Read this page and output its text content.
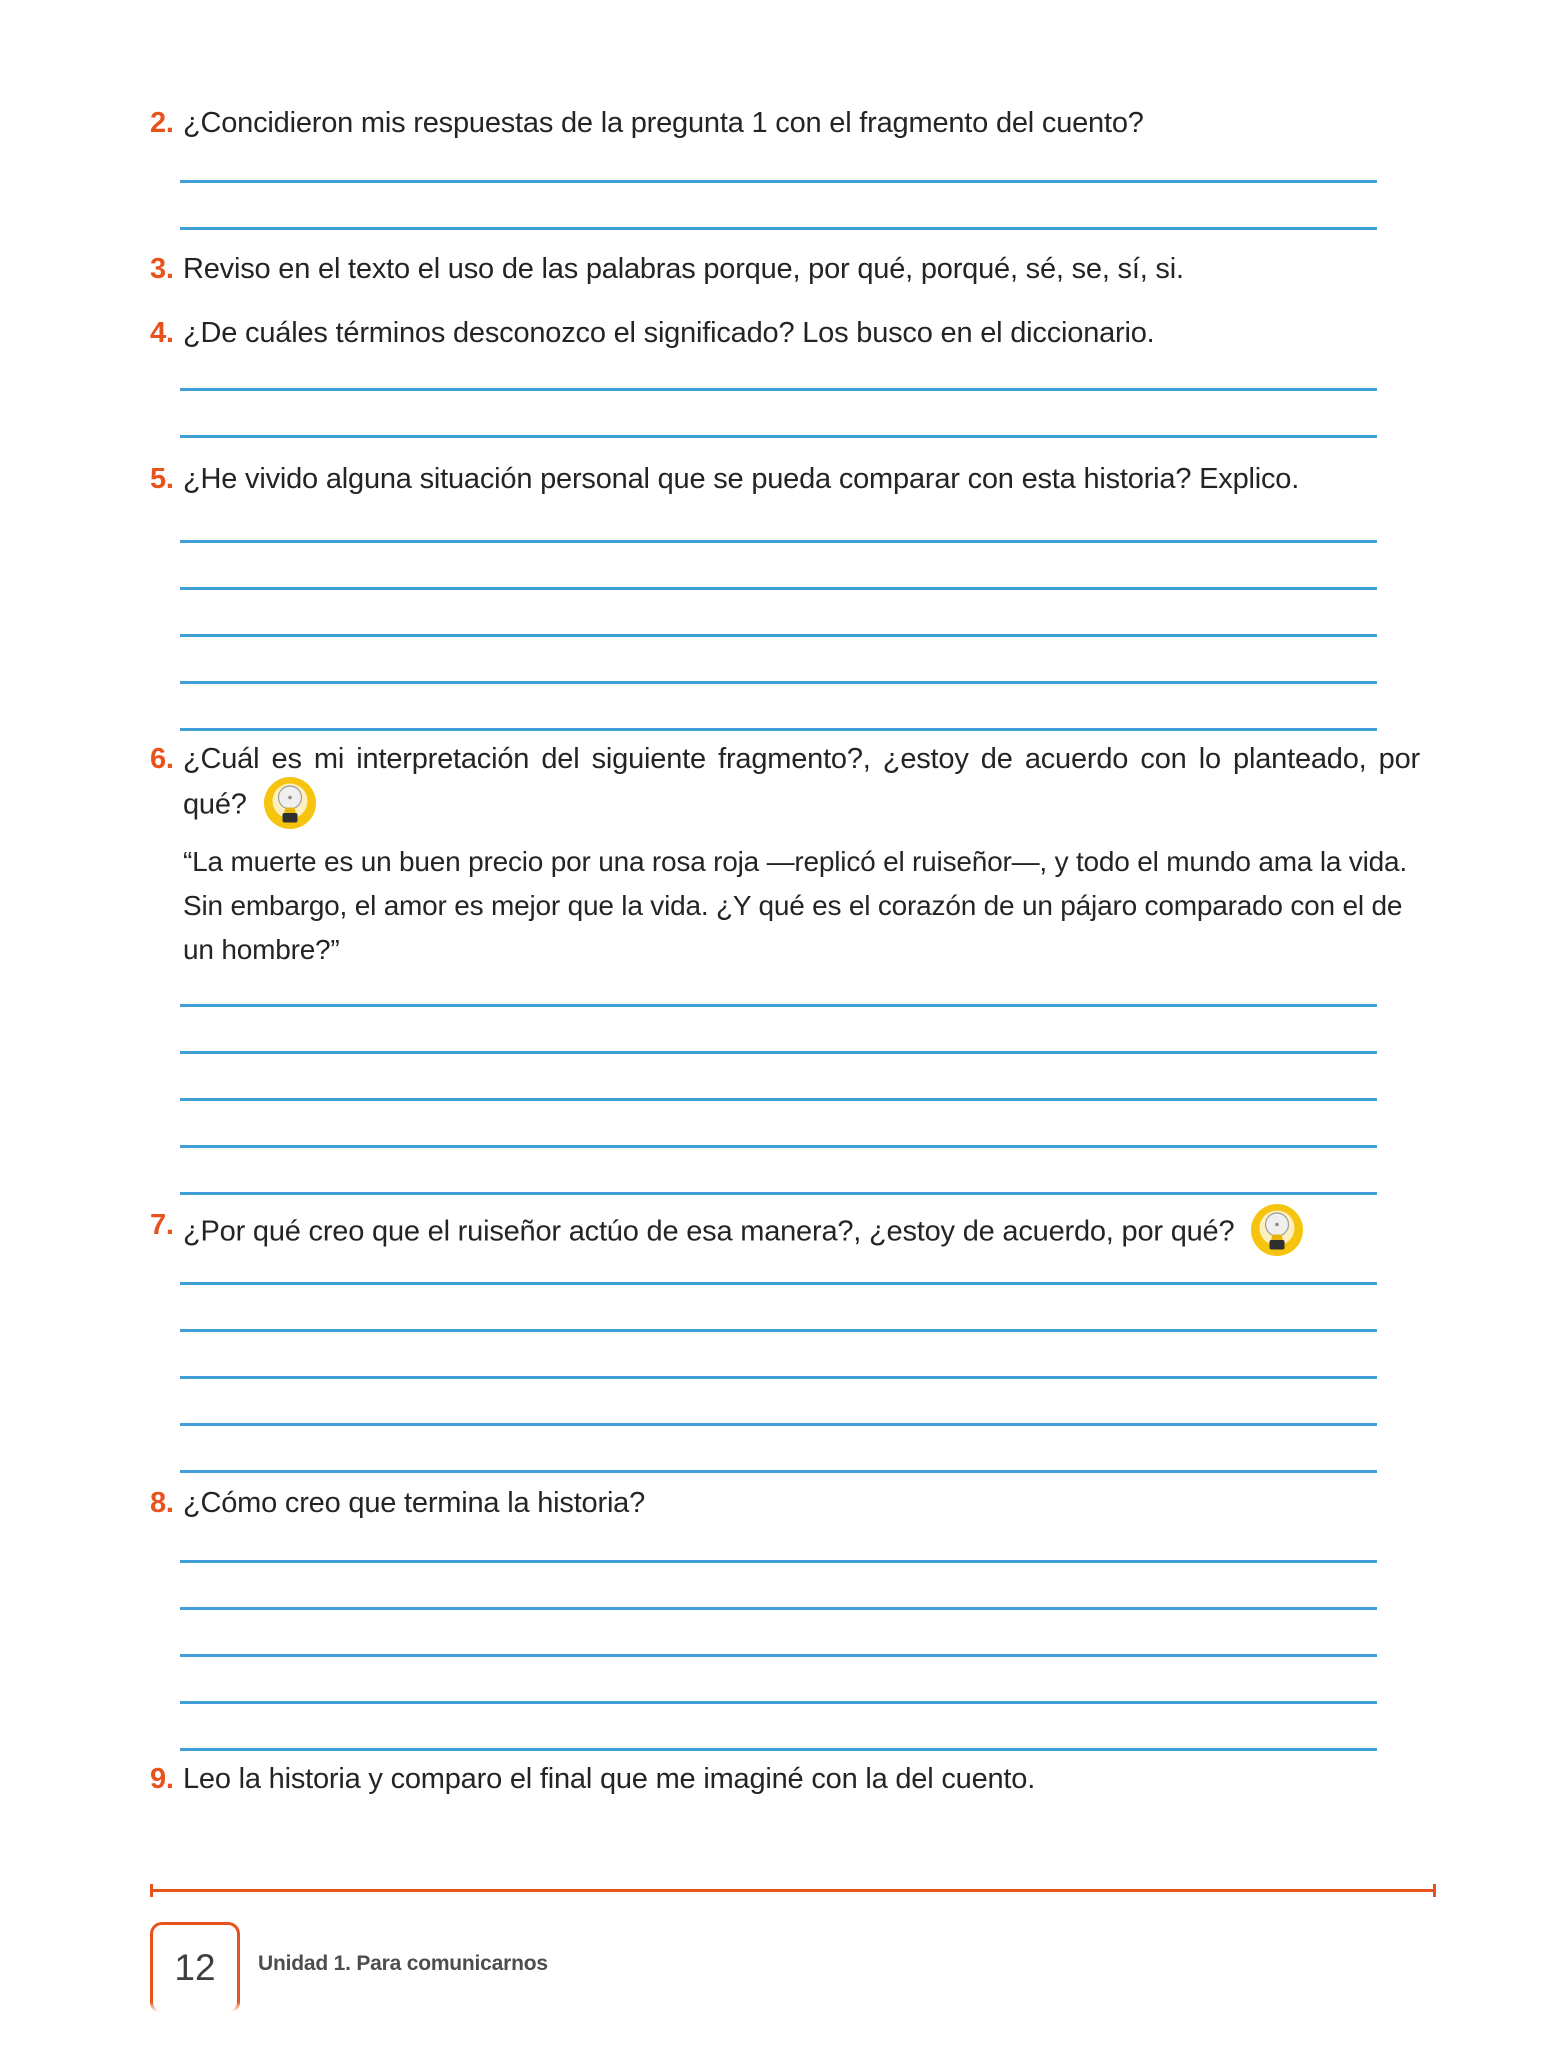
2. ¿Concidieron mis respuestas de la pregunta 1 con el fragmento del cuento?
3. Reviso en el texto el uso de las palabras porque, por qué, porqué, sé, se, sí, si.
4. ¿De cuáles términos desconozco el significado? Los busco en el diccionario.
5. ¿He vivido alguna situación personal que se pueda comparar con esta historia? Explico.
6. ¿Cuál es mi interpretación del siguiente fragmento?, ¿estoy de acuerdo con lo planteado, por qué?
“La muerte es un buen precio por una rosa roja —replicó el ruiseñor—, y todo el mundo ama la vida. Sin embargo, el amor es mejor que la vida. ¿Y qué es el corazón de un pájaro comparado con el de un hombre?”
7. ¿Por qué creo que el ruiseñor actúo de esa manera?, ¿estoy de acuerdo, por qué?
8. ¿Cómo creo que termina la historia?
9. Leo la historia y comparo el final que me imaginé con la del cuento.
12 Unidad 1. Para comunicarnos
